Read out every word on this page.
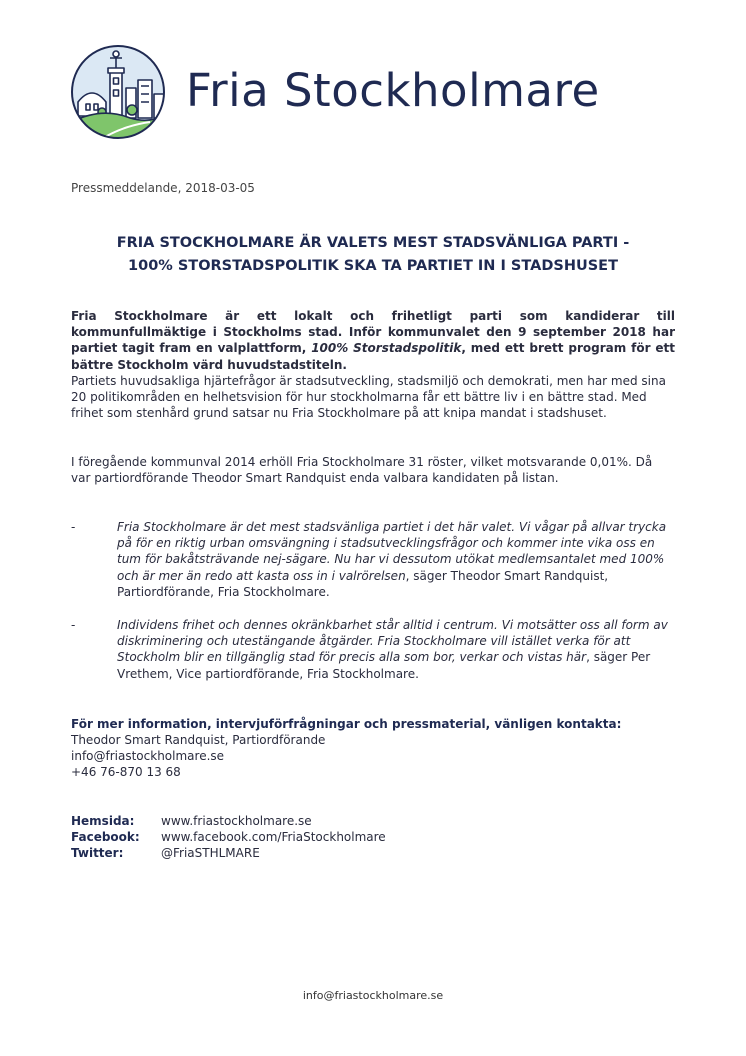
Fria Stockholmare
Pressmeddelande, 2018-03-05
FRIA STOCKHOLMARE ÄR VALETS MEST STADSVÄNLIGA PARTI -
100% STORSTADSPOLITIK SKA TA PARTIET IN I STADSHUSET
Fria Stockholmare är ett lokalt och frihetligt parti som kandiderar till kommunfullmäktige i Stockholms stad. Inför kommunvalet den 9 september 2018 har partiet tagit fram en valplattform, 100% Storstadspolitik, med ett brett program för ett bättre Stockholm värd huvudstadstiteln.
Partiets huvudsakliga hjärtefrågor är stadsutveckling, stadsmiljö och demokrati, men har med sina 20 politikområden en helhetsvision för hur stockholmarna får ett bättre liv i en bättre stad. Med frihet som stenhård grund satsar nu Fria Stockholmare på att knipa mandat i stadshuset.
I föregående kommunval 2014 erhöll Fria Stockholmare 31 röster, vilket motsvarande 0,01%. Då var partiordförande Theodor Smart Randquist enda valbara kandidaten på listan.
-	Fria Stockholmare är det mest stadsvänliga partiet i det här valet. Vi vågar på allvar trycka på för en riktig urban omsvängning i stadsutvecklingsfrågor och kommer inte vika oss en tum för bakåtsträvande nej-sägare. Nu har vi dessutom utökat medlemsantalet med 100% och är mer än redo att kasta oss in i valrörelsen, säger Theodor Smart Randquist, Partiordförande, Fria Stockholmare.
-	Individens frihet och dennes okränkbarhet står alltid i centrum. Vi motsätter oss all form av diskriminering och utestängande åtgärder. Fria Stockholmare vill istället verka för att Stockholm blir en tillgänglig stad för precis alla som bor, verkar och vistas här, säger Per Vrethem, Vice partiordförande, Fria Stockholmare.
För mer information, intervjuförfrågningar och pressmaterial, vänligen kontakta:
Theodor Smart Randquist, Partiordförande
info@friastockholmare.se
+46 76-870 13 68
Hemsida: www.friastockholmare.se
Facebook: www.facebook.com/FriaStockholmare
Twitter:	@FriaSTHLMARE
info@friastockholmare.se
